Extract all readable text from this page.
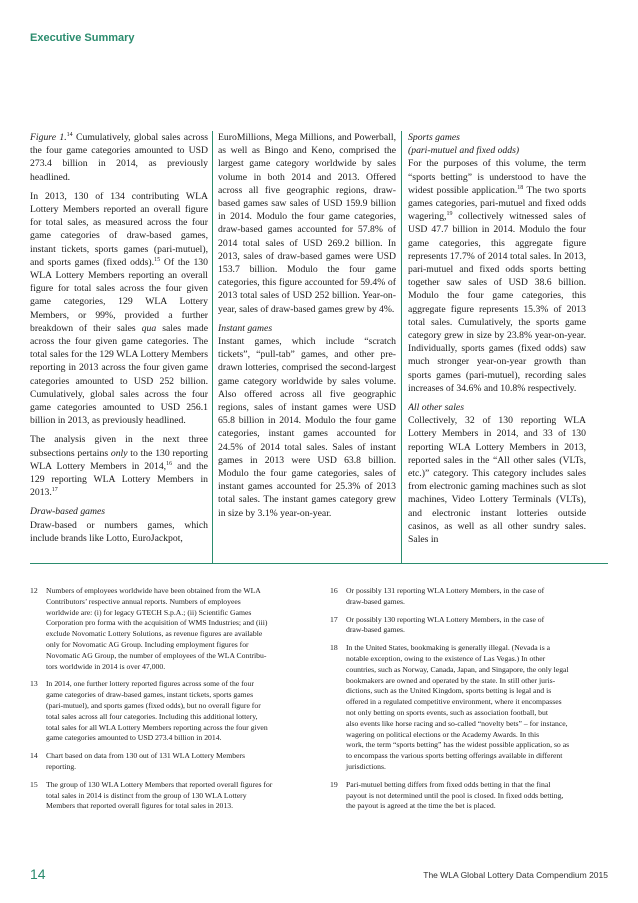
Executive Summary

Figure 1.14 Cumulatively, global sales across the four game categories amounted to USD 273.4 billion in 2014, as previously headlined.

In 2013, 130 of 134 contributing WLA Lottery Members reported an overall figure for total sales, as measured across the four game categories of draw-based games, instant tickets, sports games (pari-mutuel), and sports games (fixed odds).$^{15}$ Of the 130 WLA Lottery Members reporting an overall figure for total sales across the four given game categories, 129 WLA Lottery Members, or 99%, provided a further breakdown of their sales qua sales made across the four given game categories. The total sales for the 129 WLA Lottery Members reporting in 2013 across the four given game categories amounted to USD 252 billion. Cumulatively, global sales across the four game categories amounted to USD 256.1 billion in 2013, as previously headlined.

The analysis given in the next three subsections pertains only to the 130 reporting WLA Lottery Members in 2014,16 and the 129 reporting WLA Lottery Members in 2013.17

Draw-based games

Draw-based or numbers games, which include brands like Lotto, EuroJackpot,

EuroMillions, Mega Millions, and Powerball, as well as Bingo and Keno, comprised the largest game category worldwide by sales volume in both 2014 and 2013. Offered across all five geographic regions, draw-based games saw sales of USD 159.9 billion in 2014. Modulo the four game categories, draw-based games accounted for 57.8% of 2014 total sales of USD 269.2 billion. In 2013, sales of draw-based games were USD 153.7 billion. Modulo the four game categories, this figure accounted for 59.4% of 2013 total sales of USD 252 billion. Year-on-year, sales of draw-based games grew by 4%.

Instant games

Instant games, which include “scratch tickets”, “pull-tab” games, and other pre-drawn lotteries, comprised the second-largest game category worldwide by sales volume. Also offered across all five geographic regions, sales of instant games were USD 65.8 billion in 2014. Modulo the four game categories, instant games accounted for 24.5% of 2014 total sales. Sales of instant games in 2013 were USD 63.8 billion. Modulo the four game categories, sales of instant games accounted for 25.3% of 2013 total sales. The instant games category grew in size by 3.1% year-on-year.

Sports games

(pari-mutuel and fixed odds)

For the purposes of this volume, the term “sports betting” is understood to have the widest possible application.$^{18}$ The two sports games categories, pari-mutuel and fixed odds wagering,$^{19}$ collectively witnessed sales of USD 47.7 billion in 2014. Modulo the four game categories, this aggregate figure represents 17.7% of 2014 total sales. In 2013, pari-mutuel and fixed odds sports betting together saw sales of USD 38.6 billion. Modulo the four game categories, this aggregate figure represents 15.3% of 2013 total sales. Cumulatively, the sports game category grew in size by 23.8% year-on-year. Individually, sports games (fixed odds) saw much stronger year-on-year growth than sports games (pari-mutuel), recording sales increases of 34.6% and 10.8% respectively.

All other sales

Collectively, 32 of 130 reporting WLA Lottery Members in 2014, and 33 of 130 reporting WLA Lottery Members in 2013, reported sales in the “All other sales (VLTs, etc.)” category. This category includes sales from electronic gaming machines such as slot machines, Video Lottery Terminals (VLTs), and electronic instant lotteries outside casinos, as well as all other sundry sales. Sales in

12 Numbers of employees worldwide have been obtained from the WLA
Contributors’ respective annual reports. Numbers of employees
worldwide are: (i) for legacy GTECH S.p.A.; (ii) Scientific Games
Corporation pro forma with the acquisition of WMS Industries; and (iii)
exclude Novomatic Lottery Solutions, as revenue figures are available
only for Novomatic AG Group. Including employment figures for
Novomatic AG Group, the number of employees of the WLA Contribu-
tors worldwide in 2014 is over 47,000.
13 In 2014, one further lottery reported figures across some of the four
game categories of draw-based games, instant tickets, sports games
(pari-mutuel), and sports games (fixed odds), but no overall figure for
total sales across all four categories. Including this additional lottery,
total sales for all WLA Lottery Members reporting across the four given
game categories amounted to USD 273.4 billion in 2014.
14 Chart based on data from 130 out of 131 WLA Lottery Members
reporting.
15 The group of 130 WLA Lottery Members that reported overall figures for
total sales in 2014 is distinct from the group of 130 WLA Lottery
Members that reported overall figures for total sales in 2013.
16 Or possibly 131 reporting WLA Lottery Members, in the case of
draw-based games.
17 Or possibly 130 reporting WLA Lottery Members, in the case of
draw-based games.
18 In the United States, bookmaking is generally illegal. (Nevada is a
notable exception, owing to the existence of Las Vegas.) In other
countries, such as Norway, Canada, Japan, and Singapore, the only legal
bookmakers are owned and operated by the state. In still other juris-
dictions, such as the United Kingdom, sports betting is legal and is
offered in a regulated competitive environment, where it encompasses
not only betting on sports events, such as association football, but
also events like horse racing and so-called “novelty bets” – for instance,
wagering on political elections or the Academy Awards. In this
work, the term “sports betting” has the widest possible application, so as
to encompass the various sports betting offerings available in different
jurisdictions.
19 Pari-mutuel betting differs from fixed odds betting in that the final
payout is not determined until the pool is closed. In fixed odds betting,
the payout is agreed at the time the bet is placed.
14	The WLA Global Lottery Data Compendium 2015
